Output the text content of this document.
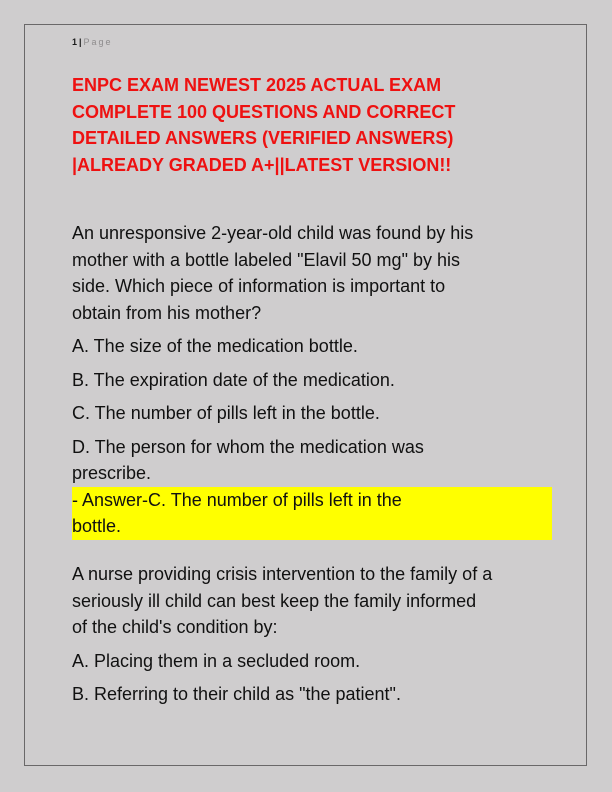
1 | Page
ENPC EXAM NEWEST 2025 ACTUAL EXAM
COMPLETE 100 QUESTIONS AND CORRECT
DETAILED ANSWERS (VERIFIED ANSWERS)
|ALREADY GRADED A+||LATEST VERSION!!

An unresponsive 2-year-old child was found by his
mother with a bottle labeled "Elavil 50 mg" by his
side. Which piece of information is important to
obtain from his mother?

A. The size of the medication bottle.

B. The expiration date of the medication.

C. The number of pills left in the bottle.

D. The person for whom the medication was
prescribe.
- Answer-C. The number of pills left in the
bottle.

A nurse providing crisis intervention to the family of a
seriously ill child can best keep the family informed
of the child's condition by:

A. Placing them in a secluded room.

B. Referring to their child as "the patient".
